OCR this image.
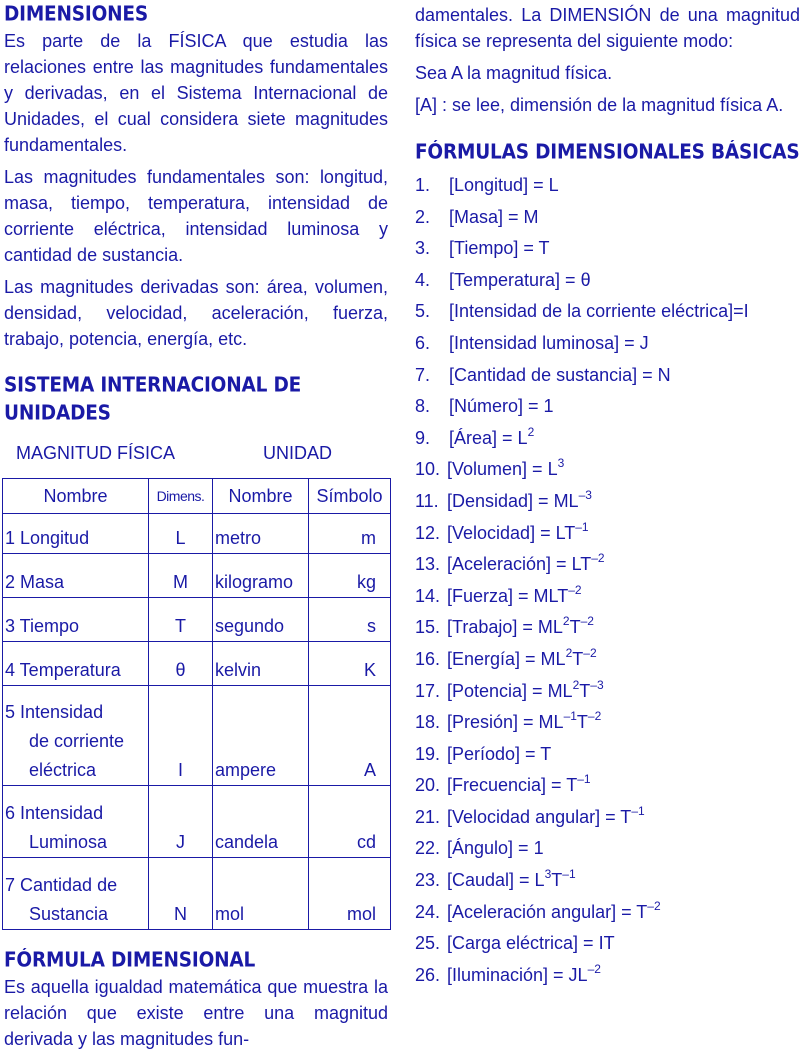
DIMENSIONES

Es parte de la FÍSICA que estudia las relaciones entre las magnitudes fundamentales y derivadas, en el Sistema Internacional de Unidades, el cual considera siete magnitudes fundamentales.

Las magnitudes fundamentales son: longitud, masa, tiempo, temperatura, intensidad de corriente eléctrica, intensidad luminosa y cantidad de sustancia.

Las magnitudes derivadas son: área, volumen, densidad, velocidad, aceleración, fuerza, trabajo, potencia, energía, etc.

SISTEMA INTERNACIONAL DE UNIDADES
MAGNITUD FÍSICA	UNIDAD
Nombre	Dimens.	Nombre	Símbolo

1 Longitud	L	metro	m

2 Masa	M	kilogramo	kg

3 Tiempo	T	segundo	s

4 Temperatura	θ	kelvin	K

5 Intensidad
de corriente
eléctrica	I	ampere	A

6 Intensidad
Luminosa	J	candela	cd

7 Cantidad de
Sustancia	N	mol	mol
FÓRMULA DIMENSIONAL

Es aquella igualdad matemática que muestra la relación que existe entre una magnitud derivada y las magnitudes fun-

damentales. La DIMENSIÓN de una magnitud física se representa del siguiente modo:

Sea A la magnitud física.

[A] : se lee, dimensión de la magnitud física A.

FÓRMULAS DIMENSIONALES BÁSICAS
1. [Longitud] = L
2. [Masa] = M
3. [Tiempo] = T
4. [Temperatura] = θ
5. [Intensidad de la corriente eléctrica]=I
6. [Intensidad luminosa] = J
7. [Cantidad de sustancia] = N
8. [Número] = 1
9. [Área] = $L^2$
10. [Volumen] = $L^3$
11. [Densidad] = $ML^{-3}$
12. [Velocidad] = $LT^{-1}$
13. [Aceleración] = $LT^{-2}$
14. [Fuerza] = $MLT^{-2}$
15. [Trabajo] = $ML^2T^{-2}$
16. [Energía] = $ML^2T^{-2}$
17. [Potencia] = $ML^2T^{-3}$
18. [Presión] = $ML^{-1}T^{-2}$
19. [Período] = T
20. [Frecuencia] = $T^{-1}$
21. [Velocidad angular] = $T^{-1}$
22. [Ángulo] = 1
23. [Caudal] = $L^3T^{-1}$
24. [Aceleración angular] = $T^{-2}$
25. [Carga eléctrica] = IT
26. [Iluminación] = $JL^{-2}$
